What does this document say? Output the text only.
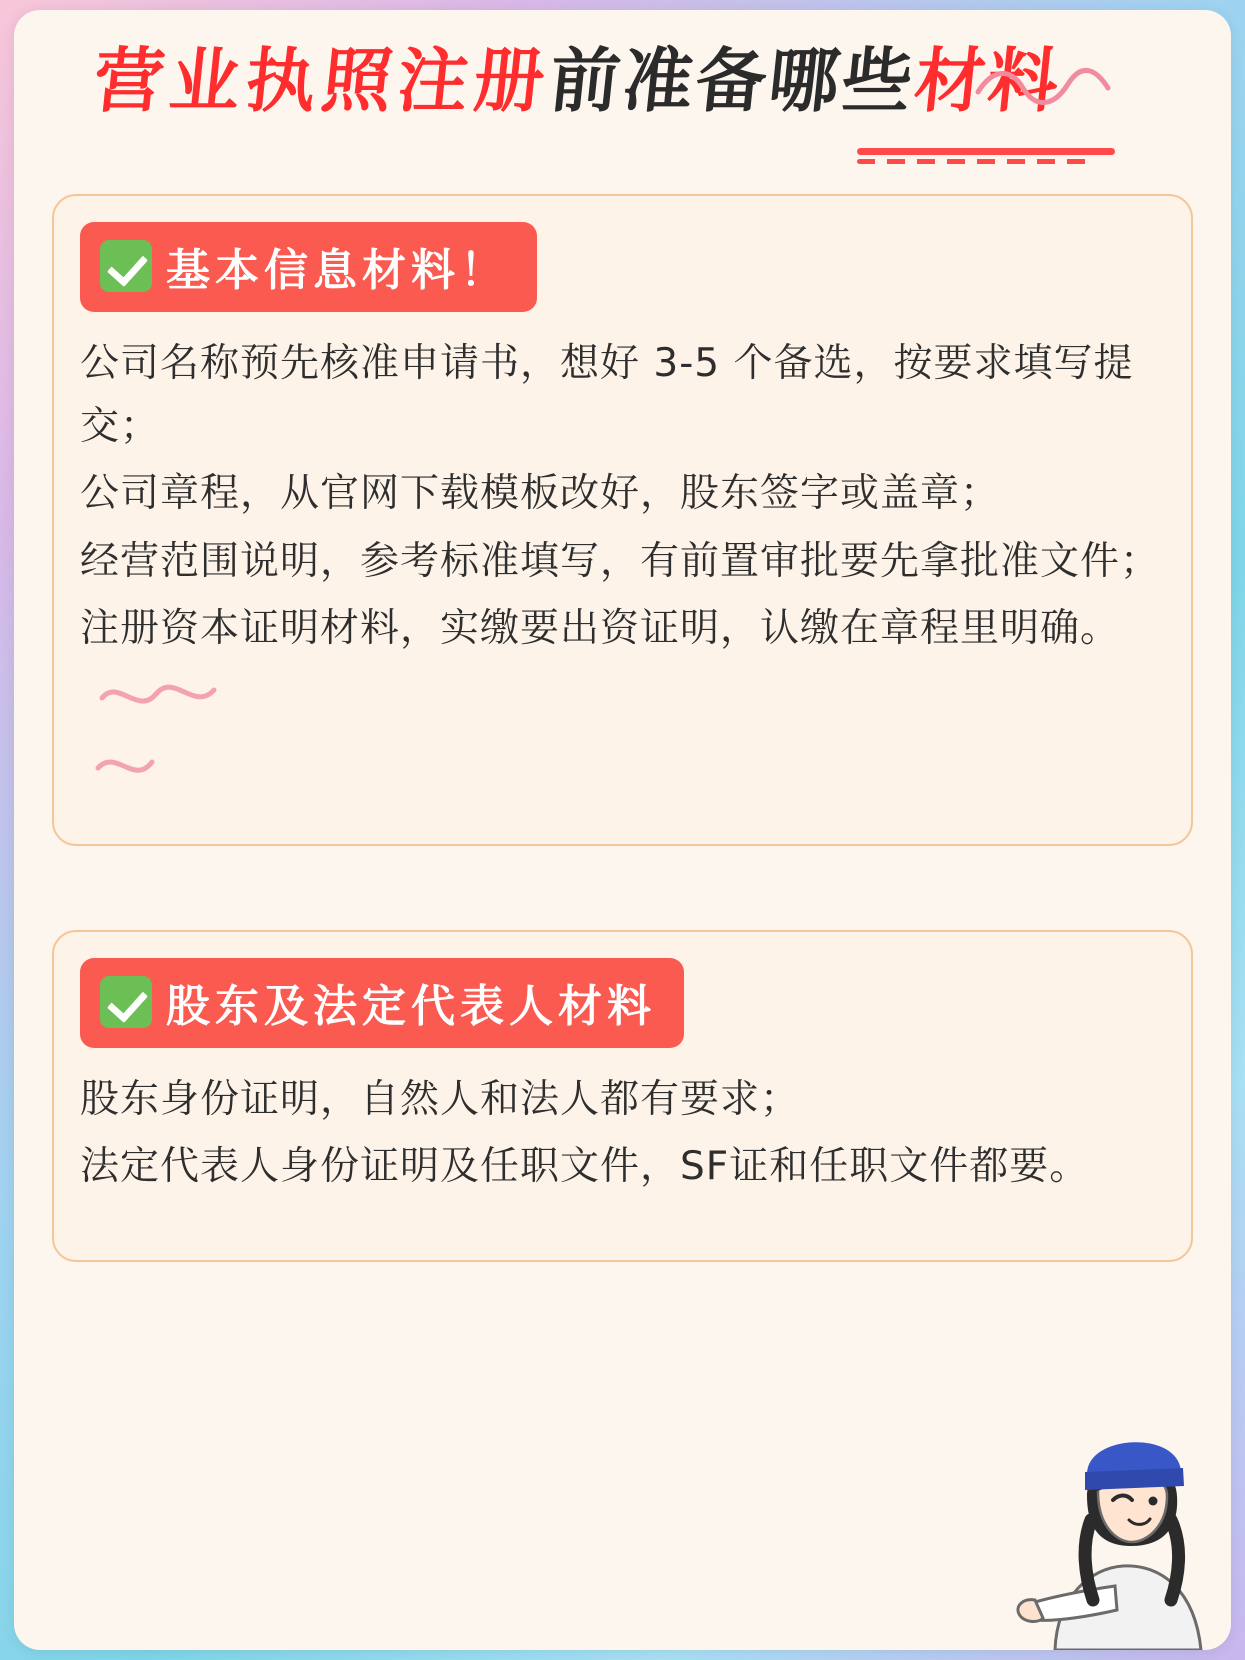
营业执照注册前准备哪些材料
基本信息材料！

公司名称预先核准申请书，想好 3-5 个备选，按要求填写提交；

公司章程，从官网下载模板改好，股东签字或盖章；

经营范围说明，参考标准填写，有前置审批要先拿批准文件；

注册资本证明材料，实缴要出资证明，认缴在章程里明确。

股东及法定代表人材料

股东身份证明，自然人和法人都有要求；

法定代表人身份证明及任职文件，SF证和任职文件都要。
